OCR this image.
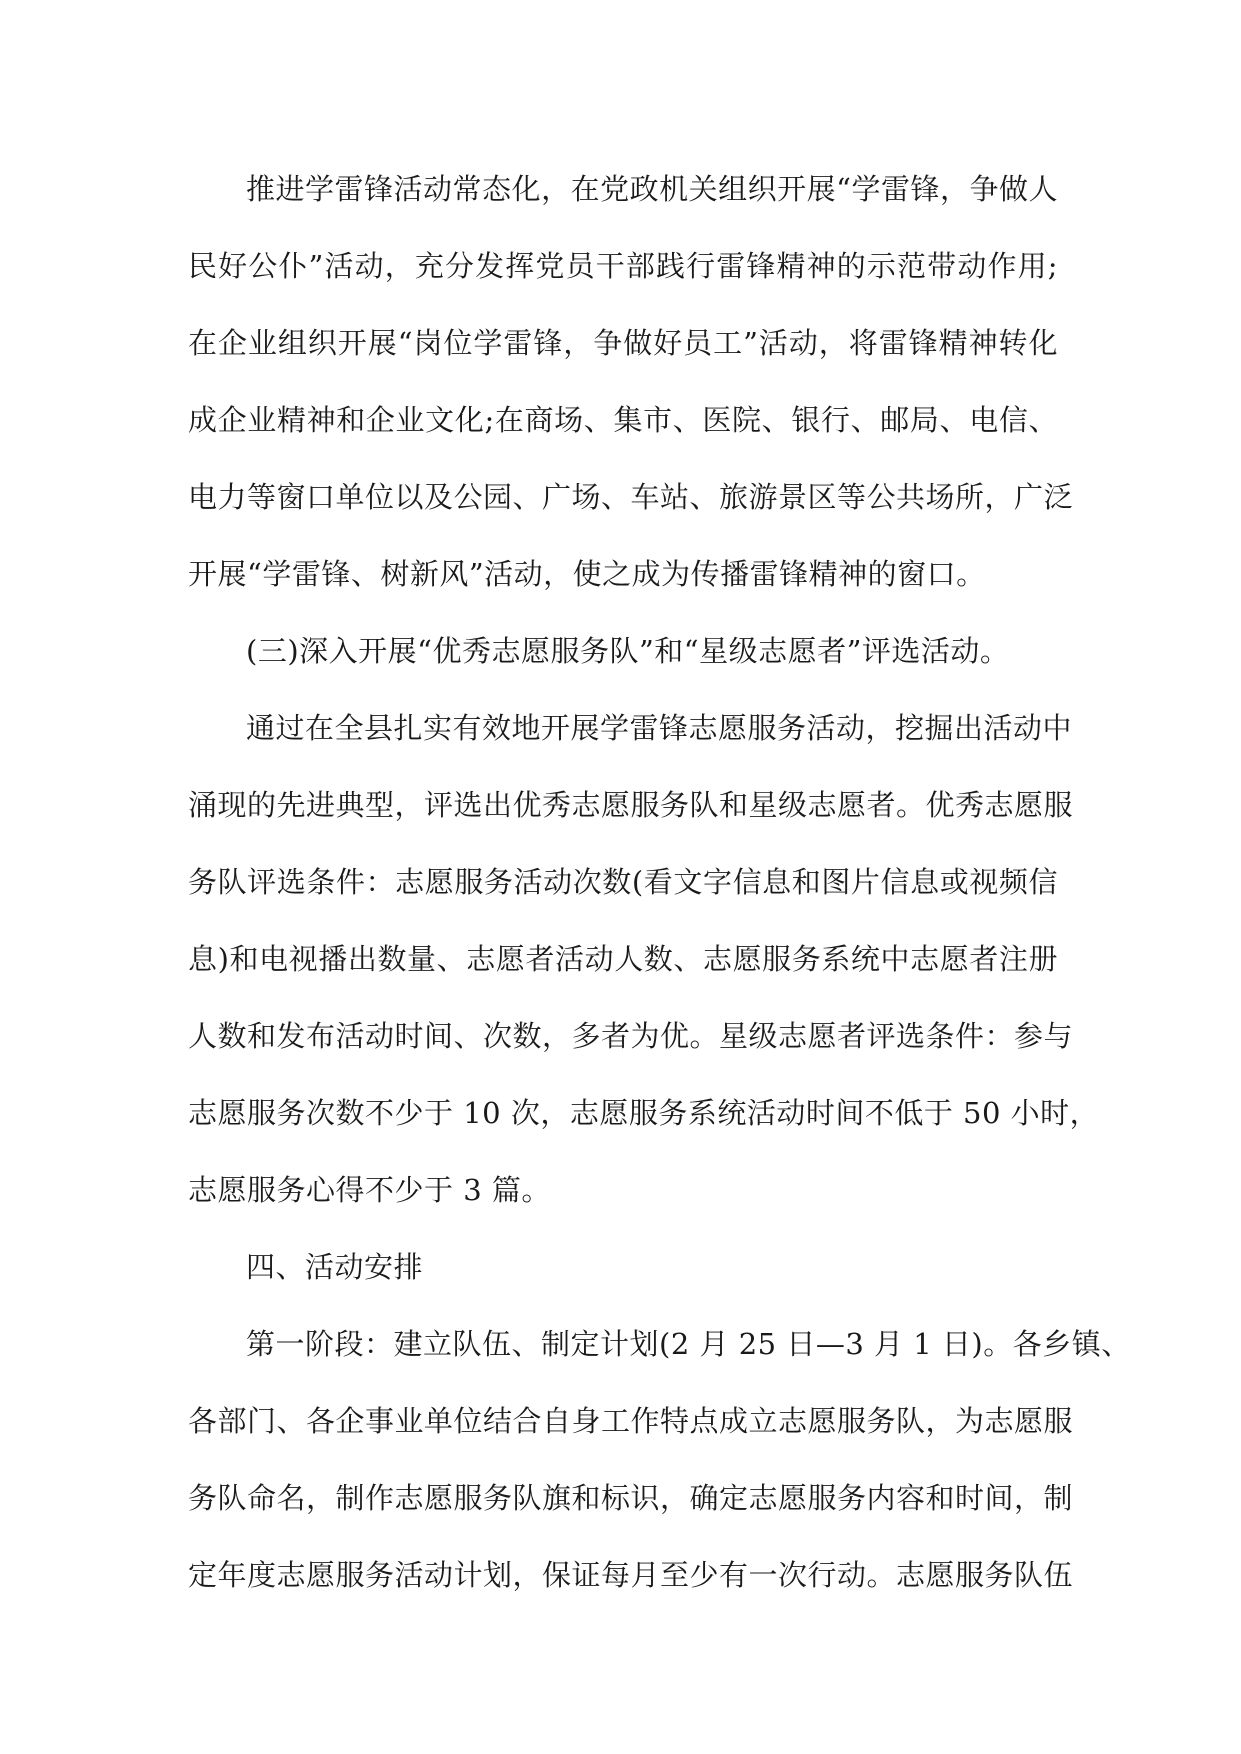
推进学雷锋活动常态化，在党政机关组织开展“学雷锋，争做人
民好公仆”活动，充分发挥党员干部践行雷锋精神的示范带动作用;
在企业组织开展“岗位学雷锋，争做好员工”活动，将雷锋精神转化
成企业精神和企业文化;在商场、集市、医院、银行、邮局、电信、
电力等窗口单位以及公园、广场、车站、旅游景区等公共场所，广泛
开展“学雷锋、树新风”活动，使之成为传播雷锋精神的窗口。
(三)深入开展“优秀志愿服务队”和“星级志愿者”评选活动。
通过在全县扎实有效地开展学雷锋志愿服务活动，挖掘出活动中
涌现的先进典型，评选出优秀志愿服务队和星级志愿者。优秀志愿服
务队评选条件：志愿服务活动次数(看文字信息和图片信息或视频信
息)和电视播出数量、志愿者活动人数、志愿服务系统中志愿者注册
人数和发布活动时间、次数，多者为优。星级志愿者评选条件：参与
志愿服务次数不少于 10 次，志愿服务系统活动时间不低于 50 小时，
志愿服务心得不少于 3 篇。
四、活动安排
第一阶段：建立队伍、制定计划(2 月 25 日—3 月 1 日)。各乡镇、
各部门、各企事业单位结合自身工作特点成立志愿服务队，为志愿服
务队命名，制作志愿服务队旗和标识，确定志愿服务内容和时间，制
定年度志愿服务活动计划，保证每月至少有一次行动。志愿服务队伍
